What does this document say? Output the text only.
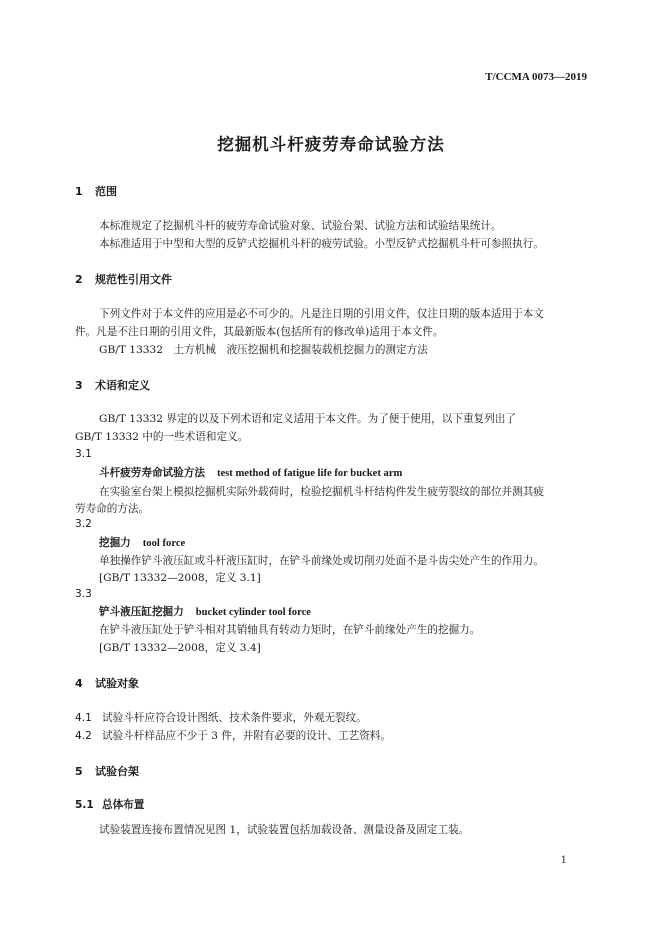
T/CCMA 0073—2019
挖掘机斗杆疲劳寿命试验方法
1 范围
本标准规定了挖掘机斗杆的疲劳寿命试验对象、试验台架、试验方法和试验结果统计。
本标准适用于中型和大型的反铲式挖掘机斗杆的疲劳试验。小型反铲式挖掘机斗杆可参照执行。
2 规范性引用文件
下列文件对于本文件的应用是必不可少的。凡是注日期的引用文件，仅注日期的版本适用于本文
件。凡是不注日期的引用文件，其最新版本(包括所有的修改单)适用于本文件。
GB/T 13332　土方机械　液压挖掘机和挖掘装载机挖掘力的测定方法
3 术语和定义
GB/T 13332 界定的以及下列术语和定义适用于本文件。为了便于使用，以下重复列出了
GB/T 13332 中的一些术语和定义。
3.1
斗杆疲劳寿命试验方法 test method of fatigue life for bucket arm
在实验室台架上模拟挖掘机实际外载荷时，检验挖掘机斗杆结构件发生疲劳裂纹的部位并测其疲
劳寿命的方法。
3.2
挖掘力 tool force
单独操作铲斗液压缸或斗杆液压缸时，在铲斗前缘处或切削刃处面不是斗齿尖处产生的作用力。
[GB/T 13332—2008，定义 3.1]
3.3
铲斗液压缸挖掘力 bucket cylinder tool force
在铲斗液压缸处于铲斗相对其销轴具有转动力矩时，在铲斗前缘处产生的挖掘力。
[GB/T 13332—2008，定义 3.4]
4 试验对象
4.1 试验斗杆应符合设计图纸、技术条件要求，外观无裂纹。
4.2 试验斗杆样品应不少于 3 件，并附有必要的设计、工艺资料。
5 试验台架
5.1 总体布置
试验装置连接布置情况见图 1，试验装置包括加载设备、测量设备及固定工装。
1
